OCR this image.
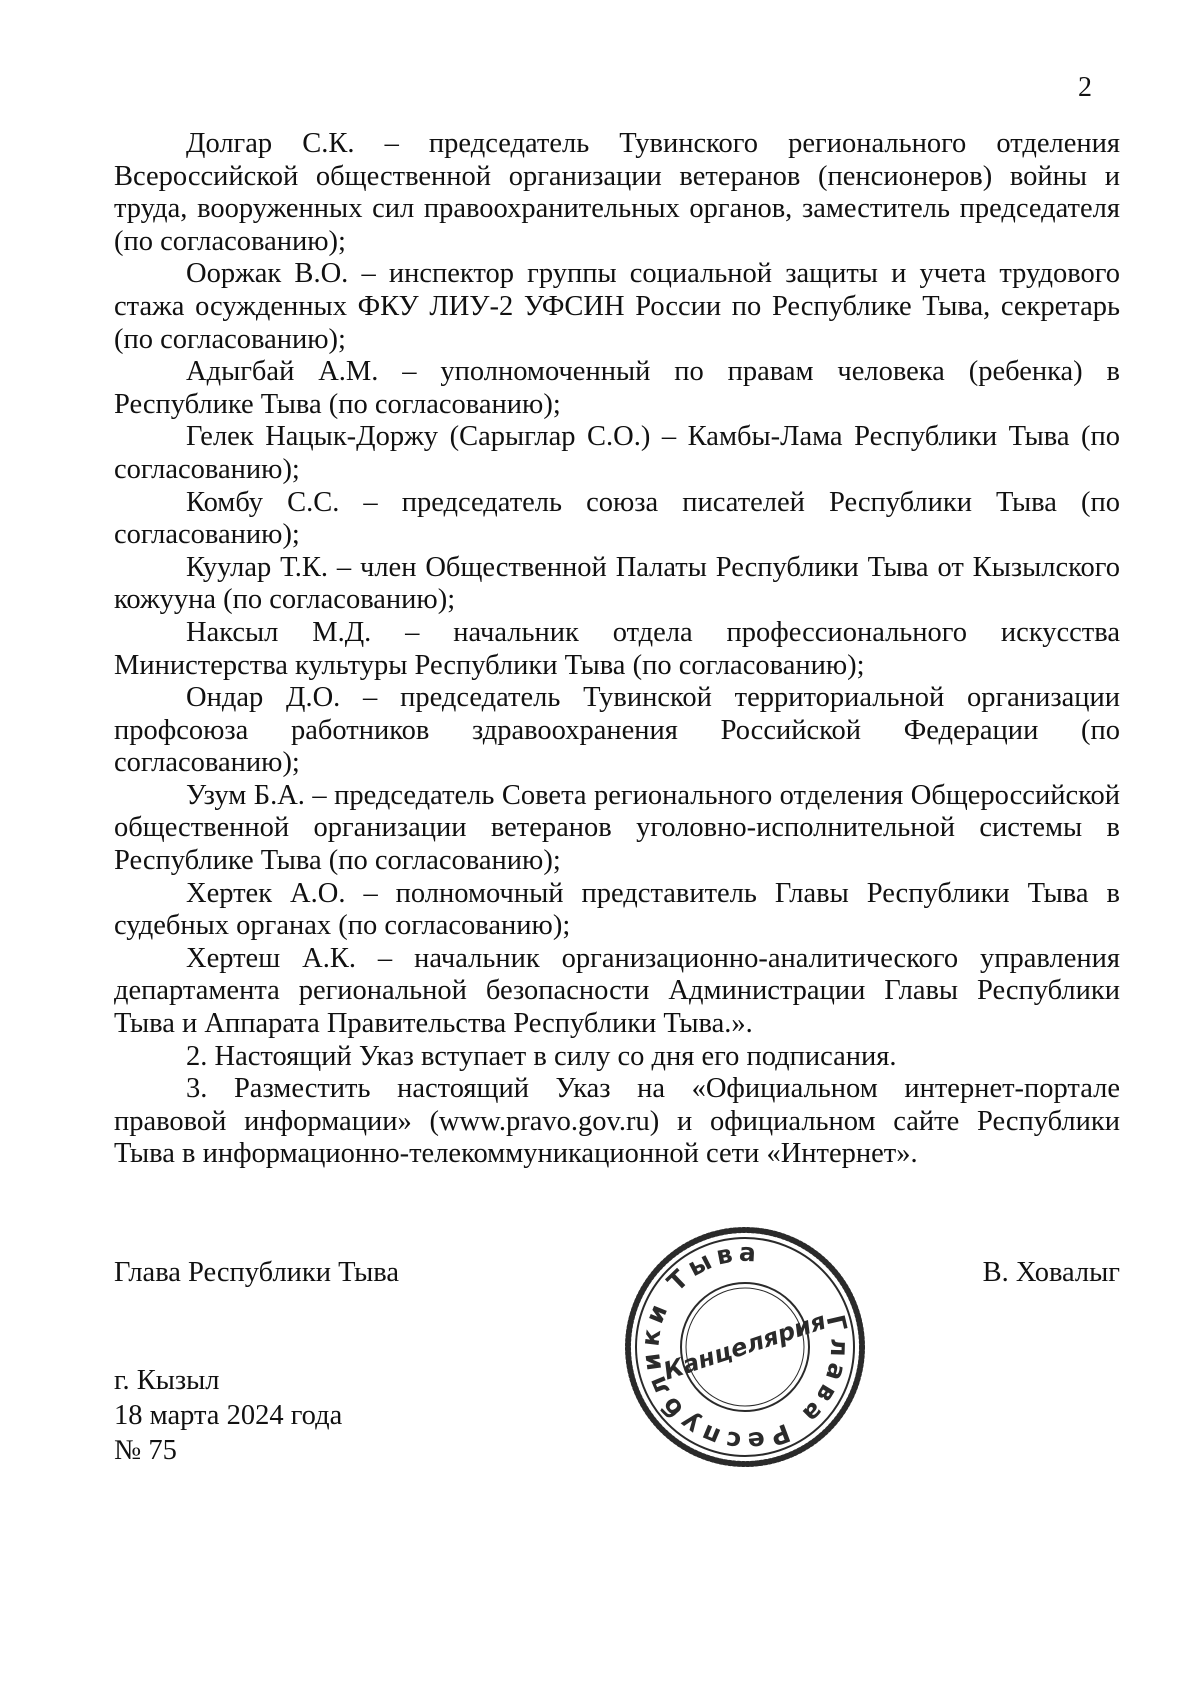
2

Долгар С.К. – председатель Тувинского регионального отделения Всероссийской общественной организации ветеранов (пенсионеров) войны и труда, вооруженных сил правоохранительных органов, заместитель председателя (по согласованию);

Ооржак В.О. – инспектор группы социальной защиты и учета трудового стажа осужденных ФКУ ЛИУ-2 УФСИН России по Республике Тыва, секретарь (по согласованию);

Адыгбай А.М. – уполномоченный по правам человека (ребенка) в Республике Тыва (по согласованию);

Гелек Нацык-Доржу (Сарыглар С.О.) – Камбы-Лама Республики Тыва (по согласованию);

Комбу С.С. – председатель союза писателей Республики Тыва (по согласованию);

Куулар Т.К. – член Общественной Палаты Республики Тыва от Кызылского кожууна (по согласованию);

Наксыл М.Д. – начальник отдела профессионального искусства Министерства культуры Республики Тыва (по согласованию);

Ондар Д.О. – председатель Тувинской территориальной организации профсоюза работников здравоохранения Российской Федерации (по согласованию);

Узум Б.А. – председатель Совета регионального отделения Общероссийской общественной организации ветеранов уголовно-исполнительной системы в Республике Тыва (по согласованию);

Хертек А.О. – полномочный представитель Главы Республики Тыва в судебных органах (по согласованию);

Хертеш А.К. – начальник организационно-аналитического управления департамента региональной безопасности Администрации Главы Республики Тыва и Аппарата Правительства Республики Тыва.».

2. Настоящий Указ вступает в силу со дня его подписания.

3. Разместить настоящий Указ на «Официальном интернет-портале правовой информации» (www.pravo.gov.ru) и официальном сайте Республики Тыва в информационно-телекоммуникационной сети «Интернет».

Глава Республики Тыва	В. Ховалыг
Глава Республики Тыва
Канцелярия
г. Кызыл
18 марта 2024 года
№ 75
